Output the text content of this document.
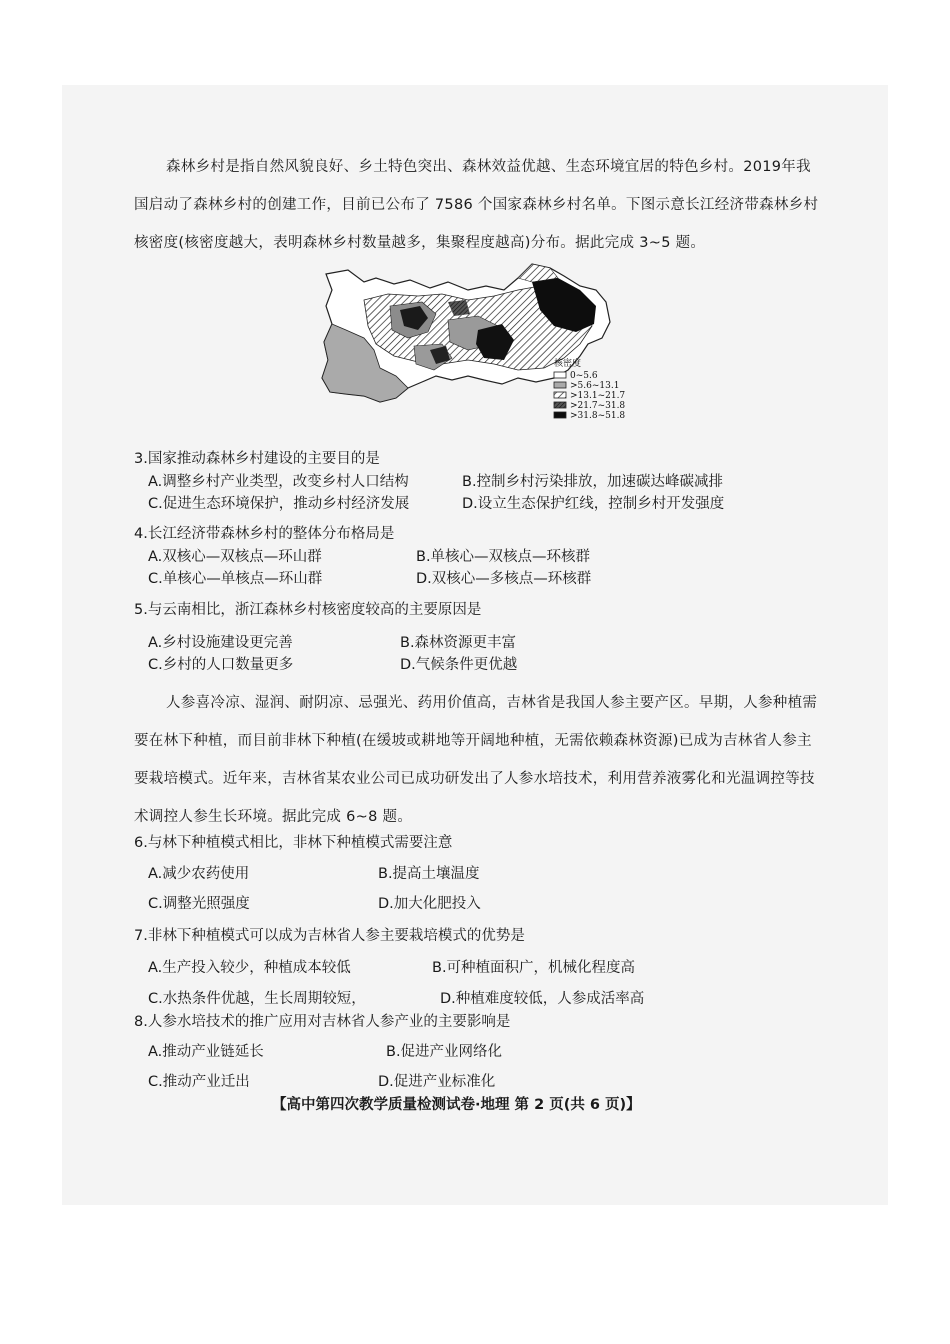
森林乡村是指自然风貌良好、乡土特色突出、森林效益优越、生态环境宜居的特色乡村。2019年我国启动了森林乡村的创建工作，目前已公布了 7586 个国家森林乡村名单。下图示意长江经济带森林乡村核密度(核密度越大，表明森林乡村数量越多，集聚程度越高)分布。据此完成 3~5 题。

核密度
0~5.6
>5.6~13.1
>13.1~21.7
>21.7~31.8
>31.8~51.8
3.国家推动森林乡村建设的主要目的是
A.调整乡村产业类型，改变乡村人口结构	B.控制乡村污染排放，加速碳达峰碳减排
C.促进生态环境保护，推动乡村经济发展	D.设立生态保护红线，控制乡村开发强度
4.长江经济带森林乡村的整体分布格局是
A.双核心—双核点—环山群	B.单核心—双核点—环核群
C.单核心—单核点—环山群	D.双核心—多核点—环核群
5.与云南相比，浙江森林乡村核密度较高的主要原因是
A.乡村设施建设更完善	B.森林资源更丰富
C.乡村的人口数量更多	D.气候条件更优越

人参喜冷凉、湿润、耐阴凉、忌强光、药用价值高，吉林省是我国人参主要产区。早期，人参种植需要在林下种植，而目前非林下种植(在缓坡或耕地等开阔地种植，无需依赖森林资源)已成为吉林省人参主要栽培模式。近年来，吉林省某农业公司已成功研发出了人参水培技术，利用营养液雾化和光温调控等技术调控人参生长环境。据此完成 6~8 题。

6.与林下种植模式相比，非林下种植模式需要注意
A.减少农药使用	B.提高土壤温度
C.调整光照强度	D.加大化肥投入
7.非林下种植模式可以成为吉林省人参主要栽培模式的优势是
A.生产投入较少，种植成本较低	B.可种植面积广，机械化程度高
C.水热条件优越，生长周期较短，	D.种植难度较低，人参成活率高
8.人参水培技术的推广应用对吉林省人参产业的主要影响是
A.推动产业链延长	B.促进产业网络化
C.推动产业迁出	D.促进产业标准化
【高中第四次教学质量检测试卷·地理 第 2 页(共 6 页)】
